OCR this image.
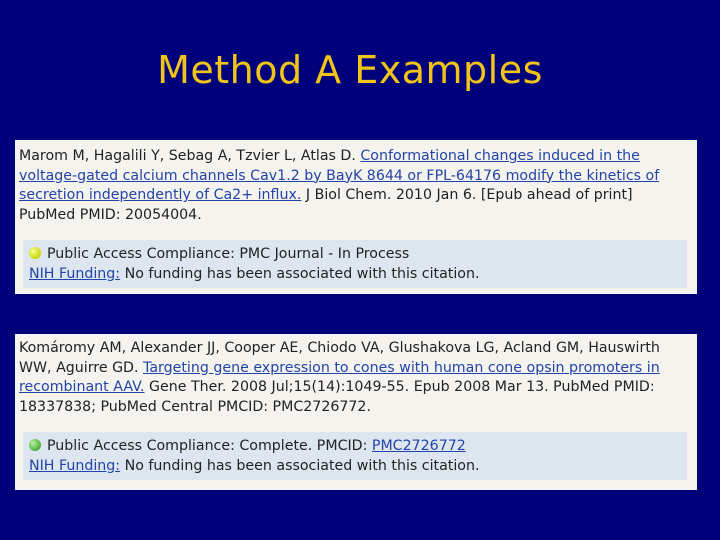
Method A Examples
Marom M, Hagalili Y, Sebag A, Tzvier L, Atlas D. Conformational changes induced in the voltage-gated calcium channels Cav1.2 by BayK 8644 or FPL-64176 modify the kinetics of secretion independently of Ca2+ influx. J Biol Chem. 2010 Jan 6. [Epub ahead of print]
PubMed PMID: 20054004.
Public Access Compliance: PMC Journal - In Process
NIH Funding: No funding has been associated with this citation.
Komáromy AM, Alexander JJ, Cooper AE, Chiodo VA, Glushakova LG, Acland GM, Hauswirth WW, Aguirre GD. Targeting gene expression to cones with human cone opsin promoters in recombinant AAV. Gene Ther. 2008 Jul;15(14):1049-55. Epub 2008 Mar 13. PubMed PMID: 18337838; PubMed Central PMCID: PMC2726772.
Public Access Compliance: Complete. PMCID: PMC2726772
NIH Funding: No funding has been associated with this citation.
